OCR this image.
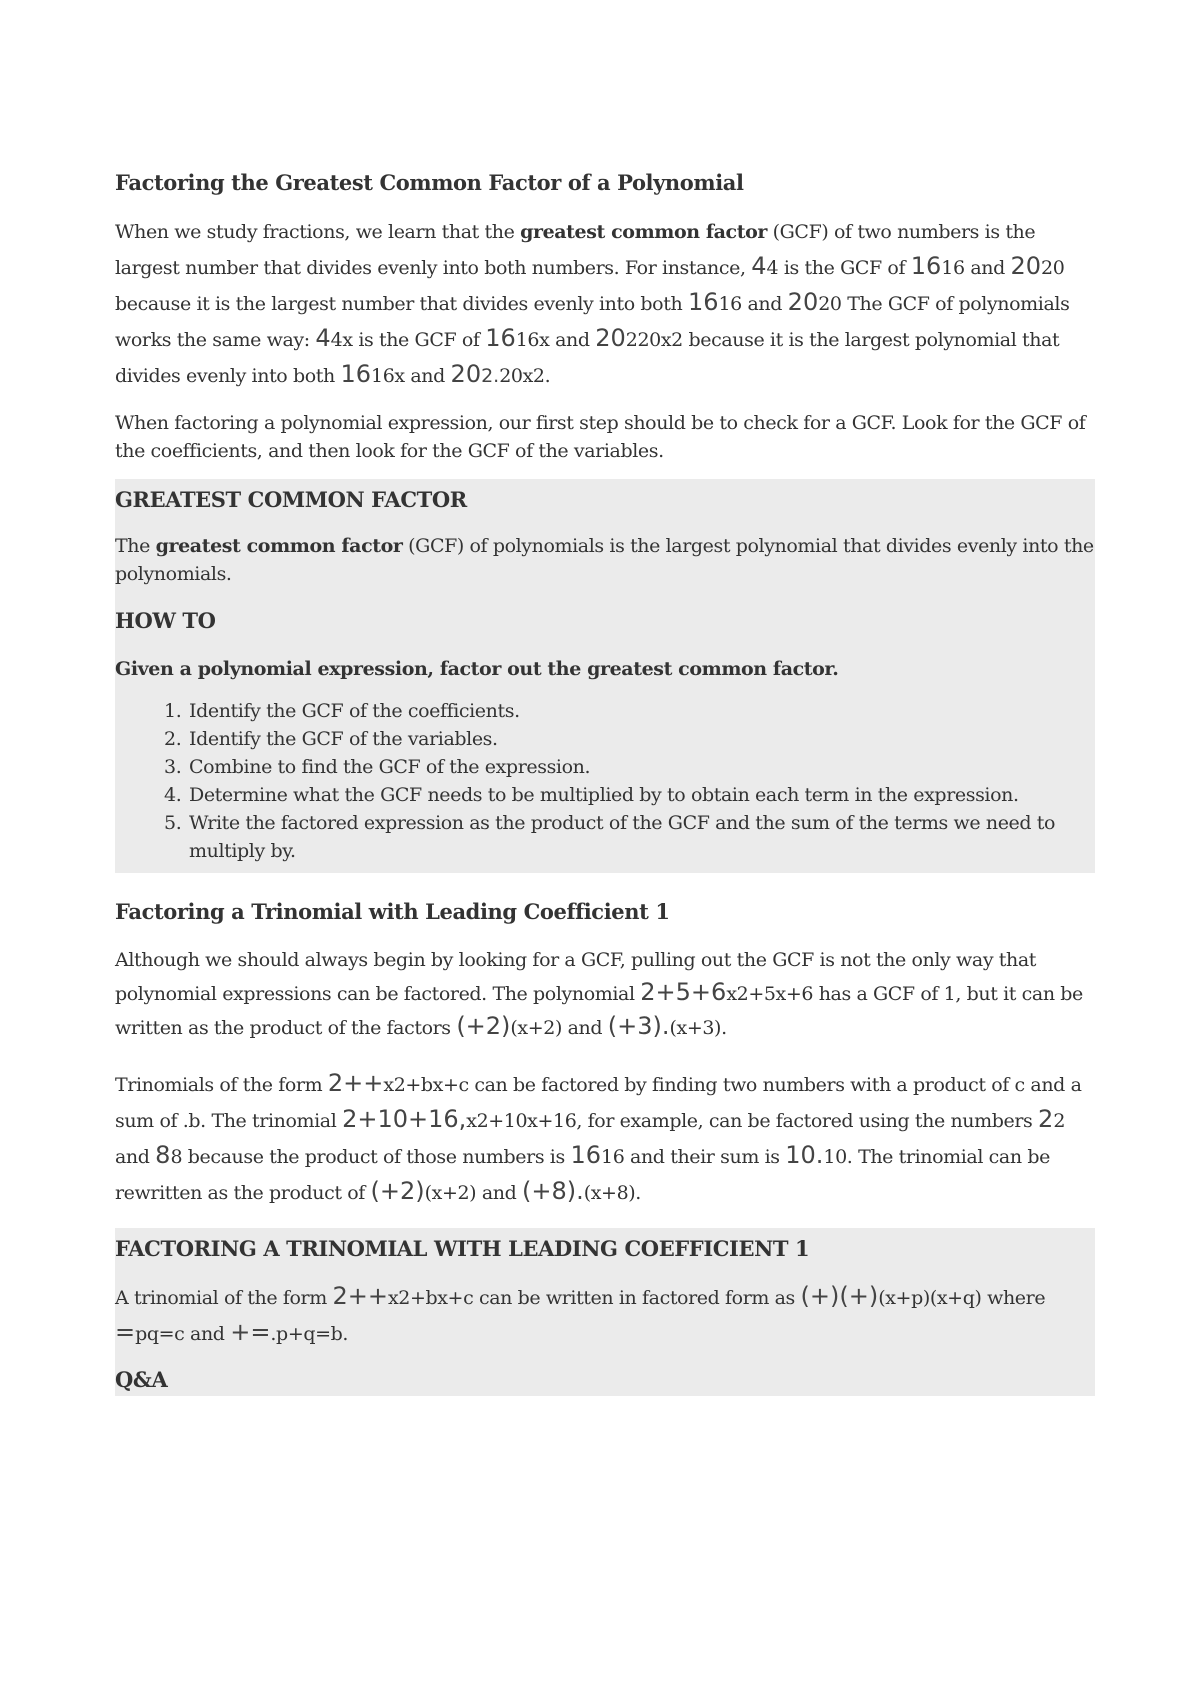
Factoring the Greatest Common Factor of a Polynomial

When we study fractions, we learn that the greatest common factor (GCF) of two numbers is the largest number that divides evenly into both numbers. For instance, 44 is the GCF of 1616 and 2020 because it is the largest number that divides evenly into both 1616 and 2020 The GCF of polynomials works the same way: 44x is the GCF of 1616x and 20220x2 because it is the largest polynomial that divides evenly into both 1616x and 202.20x2.

When factoring a polynomial expression, our first step should be to check for a GCF. Look for the GCF of the coefficients, and then look for the GCF of the variables.

GREATEST COMMON FACTOR

The greatest common factor (GCF) of polynomials is the largest polynomial that divides evenly into the polynomials.

HOW TO

Given a polynomial expression, factor out the greatest common factor.

1. Identify the GCF of the coefficients.
2. Identify the GCF of the variables.
3. Combine to find the GCF of the expression.
4. Determine what the GCF needs to be multiplied by to obtain each term in the expression.
5. Write the factored expression as the product of the GCF and the sum of the terms we need to multiply by.
Factoring a Trinomial with Leading Coefficient 1

Although we should always begin by looking for a GCF, pulling out the GCF is not the only way that polynomial expressions can be factored. The polynomial 2+5+6x2+5x+6 has a GCF of 1, but it can be written as the product of the factors (+2)(x+2) and (+3).(x+3).

Trinomials of the form 2++x2+bx+c can be factored by finding two numbers with a product of c and a sum of .b. The trinomial 2+10+16,x2+10x+16, for example, can be factored using the numbers 22 and 88 because the product of those numbers is 1616 and their sum is 10.10. The trinomial can be rewritten as the product of (+2)(x+2) and (+8).(x+8).

FACTORING A TRINOMIAL WITH LEADING COEFFICIENT 1

A trinomial of the form 2++x2+bx+c can be written in factored form as (+)(+)(x+p)(x+q) where =pq=c and +=.p+q=b.

Q&A
